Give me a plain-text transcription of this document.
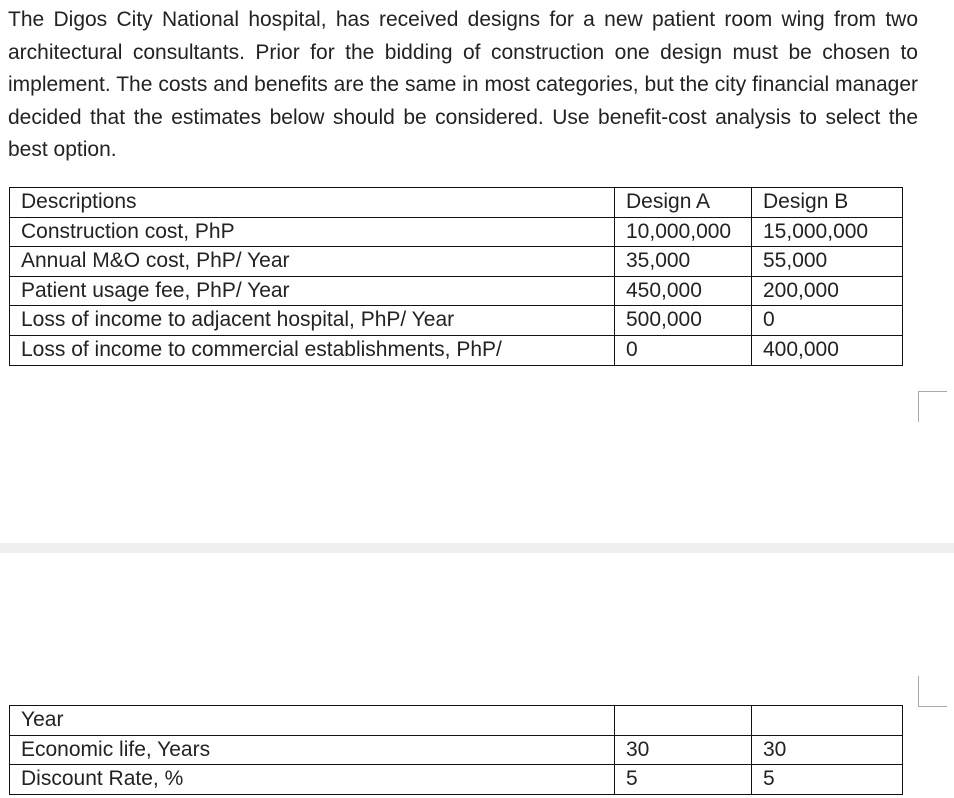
The Digos City National hospital, has received designs for a new patient room wing from two architectural consultants. Prior for the bidding of construction one design must be chosen to implement. The costs and benefits are the same in most categories, but the city financial manager decided that the estimates below should be considered. Use benefit-cost analysis to select the best option.
Descriptions	Design A	Design B
Construction cost, PhP	10,000,000	15,000,000
Annual M&O cost, PhP/ Year	35,000	55,000
Patient usage fee, PhP/ Year	450,000	200,000
Loss of income to adjacent hospital, PhP/ Year	500,000	0
Loss of income to commercial establishments, PhP/	0	400,000
Year		
Economic life, Years	30	30
Discount Rate, %	5	5
